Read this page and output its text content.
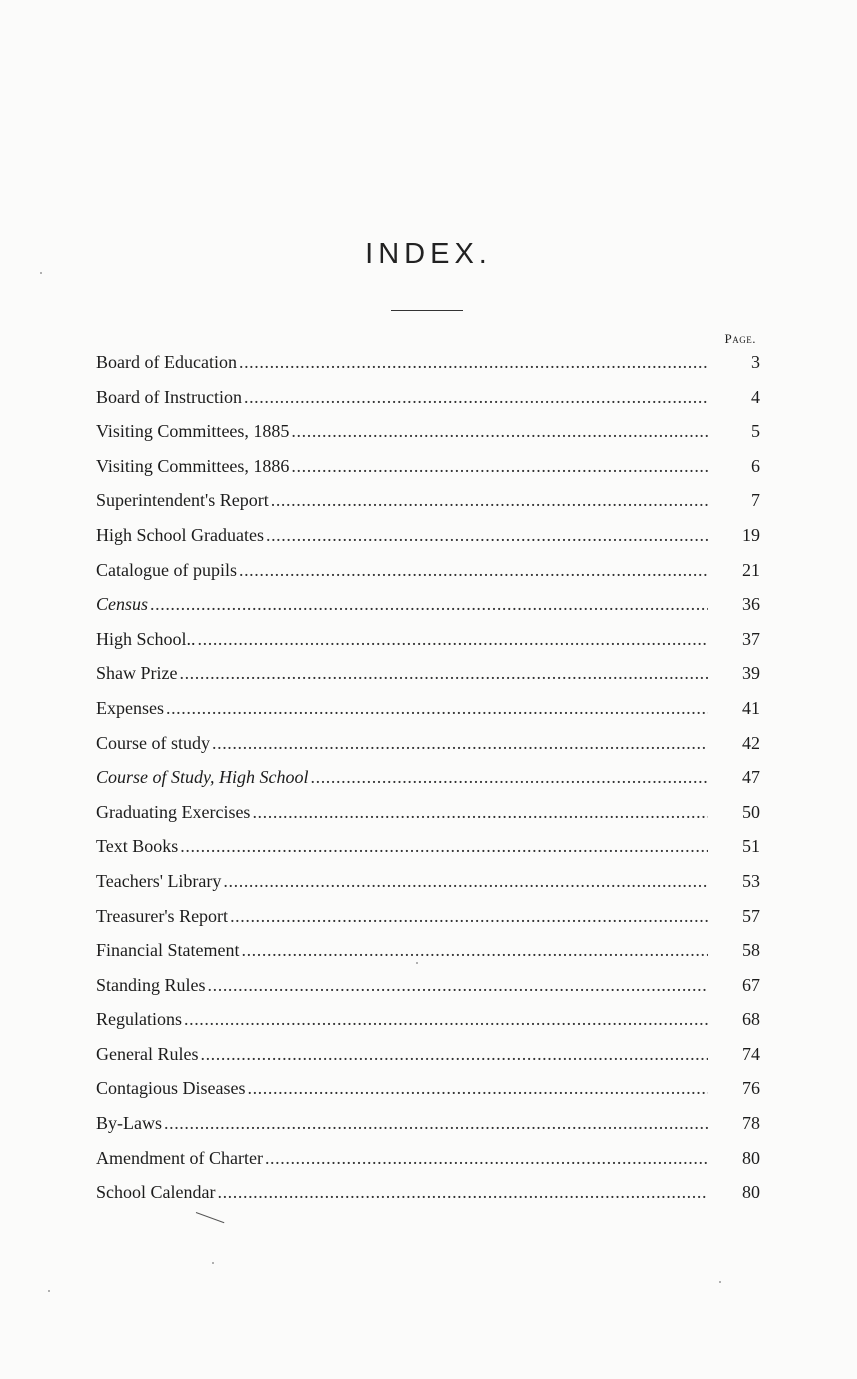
INDEX.
Page.
Board of Education .....	3
Board of Instruction .....	4
Visiting Committees, 1885 .....	5
Visiting Committees, 1886 .....	6
Superintendent's Report .....	7
High School Graduates .....	19
Catalogue of pupils .....	21
Census .....	36
High School.. .....	37
Shaw Prize .....	39
Expenses .....	41
Course of study .....	42
Course of Study, High School .....	47
Graduating Exercises .....	50
Text Books .....	51
Teachers' Library .....	53
Treasurer's Report .....	57
Financial Statement .....	58
Standing Rules .....	67
Regulations .....	68
General Rules .....	74
Contagious Diseases .....	76
By-Laws .....	78
Amendment of Charter .....	80
School Calendar .....	80
